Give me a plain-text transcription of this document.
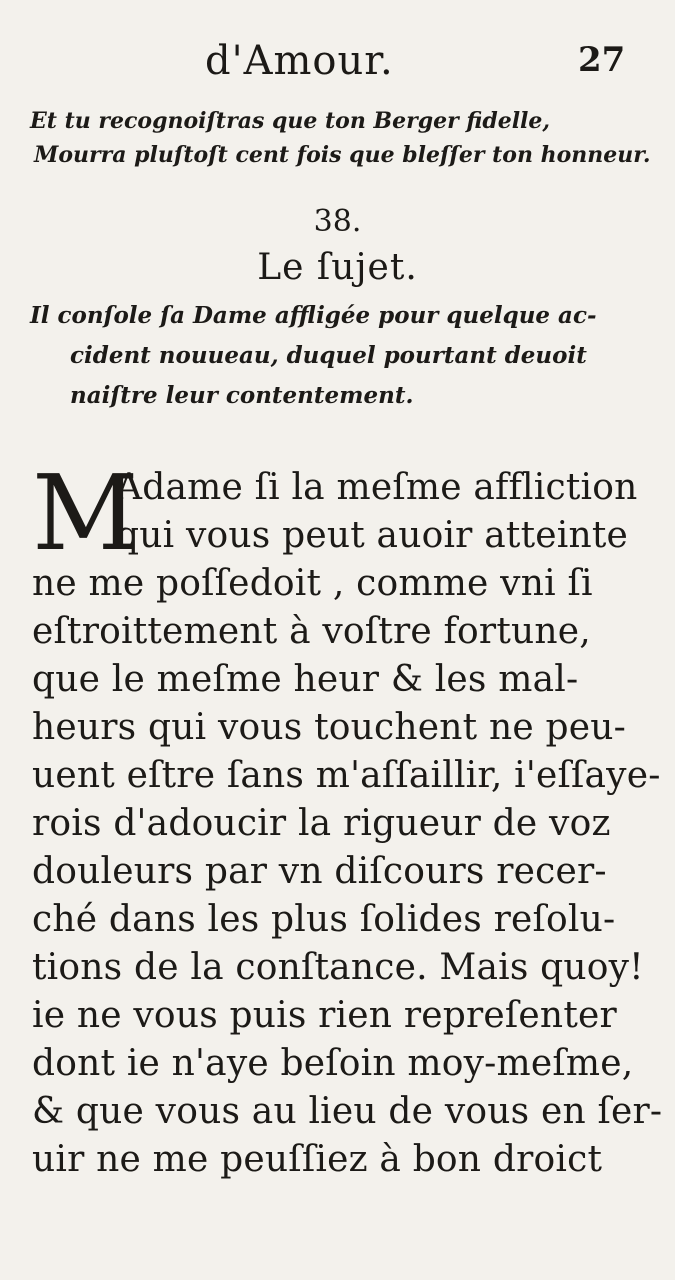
d'Amour.	27
Et tu recognoiſtras que ton Berger fidelle,
Mourra pluſtoſt cent fois que bleſſer ton honneur.
38.
Le ſujet.
Il conſole ſa Dame affligée pour quelque ac-
cident nouueau, duquel pourtant deuoit
naiſtre leur contentement.
M
Adame ſi la meſme affliction
qui vous peut auoir atteinte
ne me poſſedoit , comme vni ſi
eſtroittement à voſtre fortune,
que le meſme heur & les mal-
heurs qui vous touchent ne peu-
uent eſtre ſans m'aſſaillir, i'eſſaye-
rois d'adoucir la rigueur de voz
douleurs par vn diſcours recer-
ché dans les plus ſolides reſolu-
tions de la conſtance. Mais quoy!
ie ne vous puis rien repreſenter
dont ie n'aye beſoin moy-meſme,
& que vous au lieu de vous en ſer-
uir ne me peuſſiez à bon droict
